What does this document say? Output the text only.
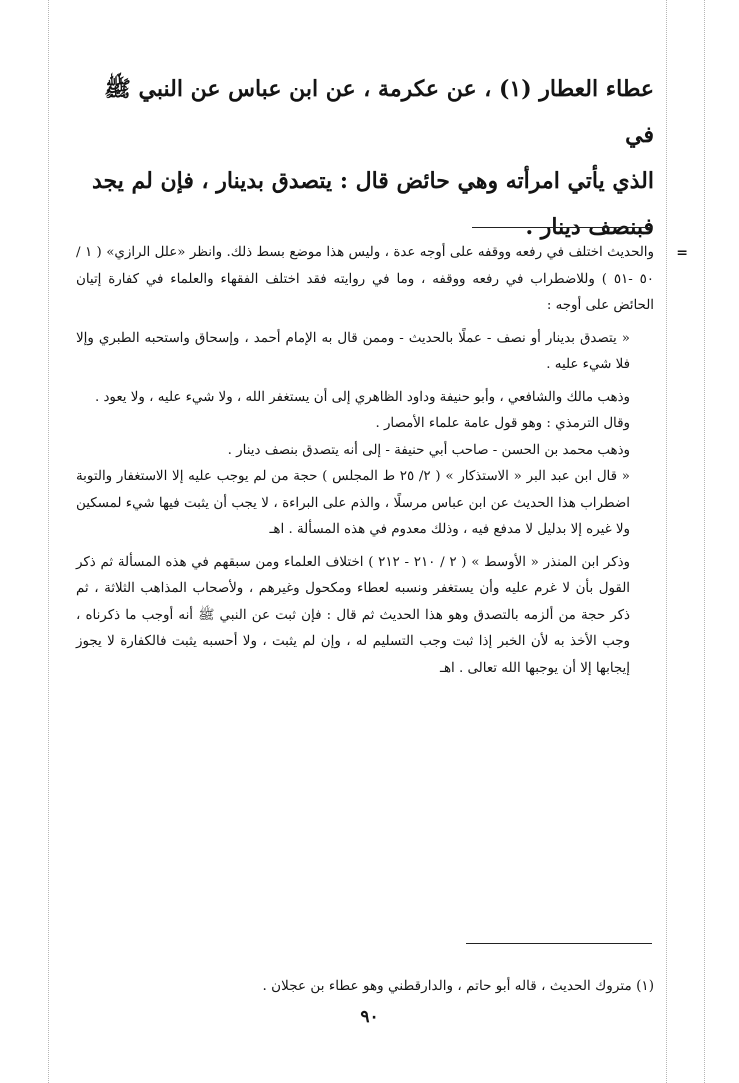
عطاء العطار (١) ، عن عكرمة ، عن ابن عباس عن النبي ﷺ في

الذي يأتي امرأته وهي حائض قال : يتصدق بدينار ، فإن لم يجد

فبنصف دينار .

=
والحديث اختلف في رفعه ووقفه على أوجه عدة ، وليس هذا موضع بسط ذلك. وانظر «علل الرازي» ( ١ / ٥٠ -٥١ ) وللاضطراب في رفعه ووقفه ، وما في روايته فقد اختلف الفقهاء والعلماء في كفارة إتيان الحائض على أوجه :

« يتصدق بدينار أو نصف - عملًا بالحديث - وممن قال به الإمام أحمد ، وإسحاق واستحبه الطبري وإلا فلا شيء عليه .

وذهب مالك والشافعي ، وأبو حنيفة وداود الظاهري إلى أن يستغفر الله ، ولا شيء عليه ، ولا يعود .

وقال الترمذي : وهو قول عامة علماء الأمصار .

وذهب محمد بن الحسن - صاحب أبي حنيفة - إلى أنه يتصدق بنصف دينار .

« قال ابن عبد البر « الاستذكار » ( ٢/ ٢٥ ط المجلس ) حجة من لم يوجب عليه إلا الاستغفار والتوبة اضطراب هذا الحديث عن ابن عباس مرسلًا ، والذم على البراءة ، لا يجب أن يثبت فيها شيء لمسكين ولا غيره إلا بدليل لا مدفع فيه ، وذلك معدوم في هذه المسألة . اهـ

وذكر ابن المنذر « الأوسط » ( ٢ / ٢١٠ - ٢١٢ ) اختلاف العلماء ومن سبقهم في هذه المسألة ثم ذكر القول بأن لا غرم عليه وأن يستغفر ونسبه لعطاء ومكحول وغيرهم ، ولأصحاب المذاهب الثلاثة ، ثم ذكر حجة من ألزمه بالتصدق وهو هذا الحديث ثم قال : فإن ثبت عن النبي ﷺ أنه أوجب ما ذكرناه ، وجب الأخذ به لأن الخبر إذا ثبت وجب التسليم له ، وإن لم يثبت ، ولا أحسبه يثبت فالكفارة لا يجوز إيجابها إلا أن يوجبها الله تعالى . اهـ

(١) متروك الحديث ، قاله أبو حاتم ، والدارقطني وهو عطاء بن عجلان .
٩٠
